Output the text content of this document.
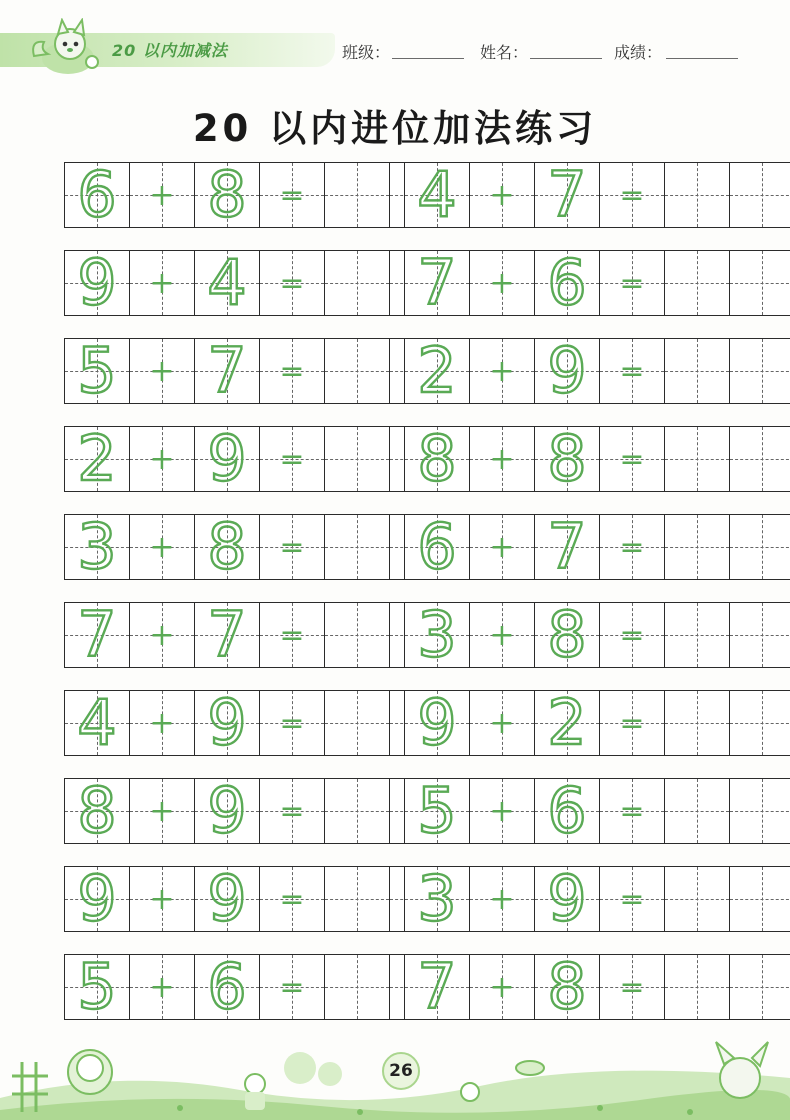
20 以内加减法	班级：	姓名：	成绩：
20 以内进位加法练习
6	+ 8	=	4	+ 7	=
9	+ 4	=	7	+ 6	=
5	+ 7	=	2	+ 9	=
2	+ 9	=	8	+ 8	=
3	+ 8	=	6	+ 7	=
7	+ 7	=	3	+ 8	=
4	+ 9	=	9	+ 2	=
8	+ 9	=	5	+ 6	=
9	+ 9	=	3	+ 9	=
5	+ 6	=	7	+ 8	=
26
